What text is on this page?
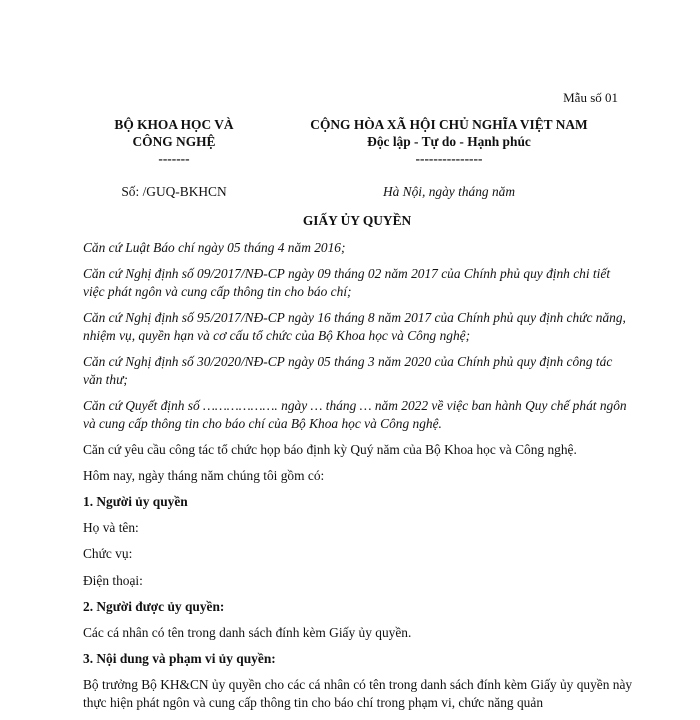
Mẫu số 01
BỘ KHOA HỌC VÀ
CÔNG NGHỆ
-------
CỘNG HÒA XÃ HỘI CHỦ NGHĨA VIỆT NAM
Độc lập - Tự do - Hạnh phúc
---------------
Số: /GUQ-BKHCN	Hà Nội, ngày tháng năm
GIẤY ỦY QUYỀN

Căn cứ Luật Báo chí ngày 05 tháng 4 năm 2016;

Căn cứ Nghị định số 09/2017/NĐ-CP ngày 09 tháng 02 năm 2017 của Chính phủ quy định chi tiết việc phát ngôn và cung cấp thông tin cho báo chí;

Căn cứ Nghị định số 95/2017/NĐ-CP ngày 16 tháng 8 năm 2017 của Chính phủ quy định chức năng, nhiệm vụ, quyền hạn và cơ cấu tổ chức của Bộ Khoa học và Công nghệ;

Căn cứ Nghị định số 30/2020/NĐ-CP ngày 05 tháng 3 năm 2020 của Chính phủ quy định công tác văn thư;

Căn cứ Quyết định số ………………. ngày … tháng … năm 2022 về việc ban hành Quy chế phát ngôn và cung cấp thông tin cho báo chí của Bộ Khoa học và Công nghệ.

Căn cứ yêu cầu công tác tổ chức họp báo định kỳ Quý năm của Bộ Khoa học và Công nghệ.

Hôm nay, ngày tháng năm chúng tôi gồm có:

1. Người ủy quyền

Họ và tên:

Chức vụ:

Điện thoại:

2. Người được ủy quyền:

Các cá nhân có tên trong danh sách đính kèm Giấy ủy quyền.

3. Nội dung và phạm vi ủy quyền:

Bộ trưởng Bộ KH&CN ủy quyền cho các cá nhân có tên trong danh sách đính kèm Giấy ủy quyền này thực hiện phát ngôn và cung cấp thông tin cho báo chí trong phạm vi, chức năng quản
